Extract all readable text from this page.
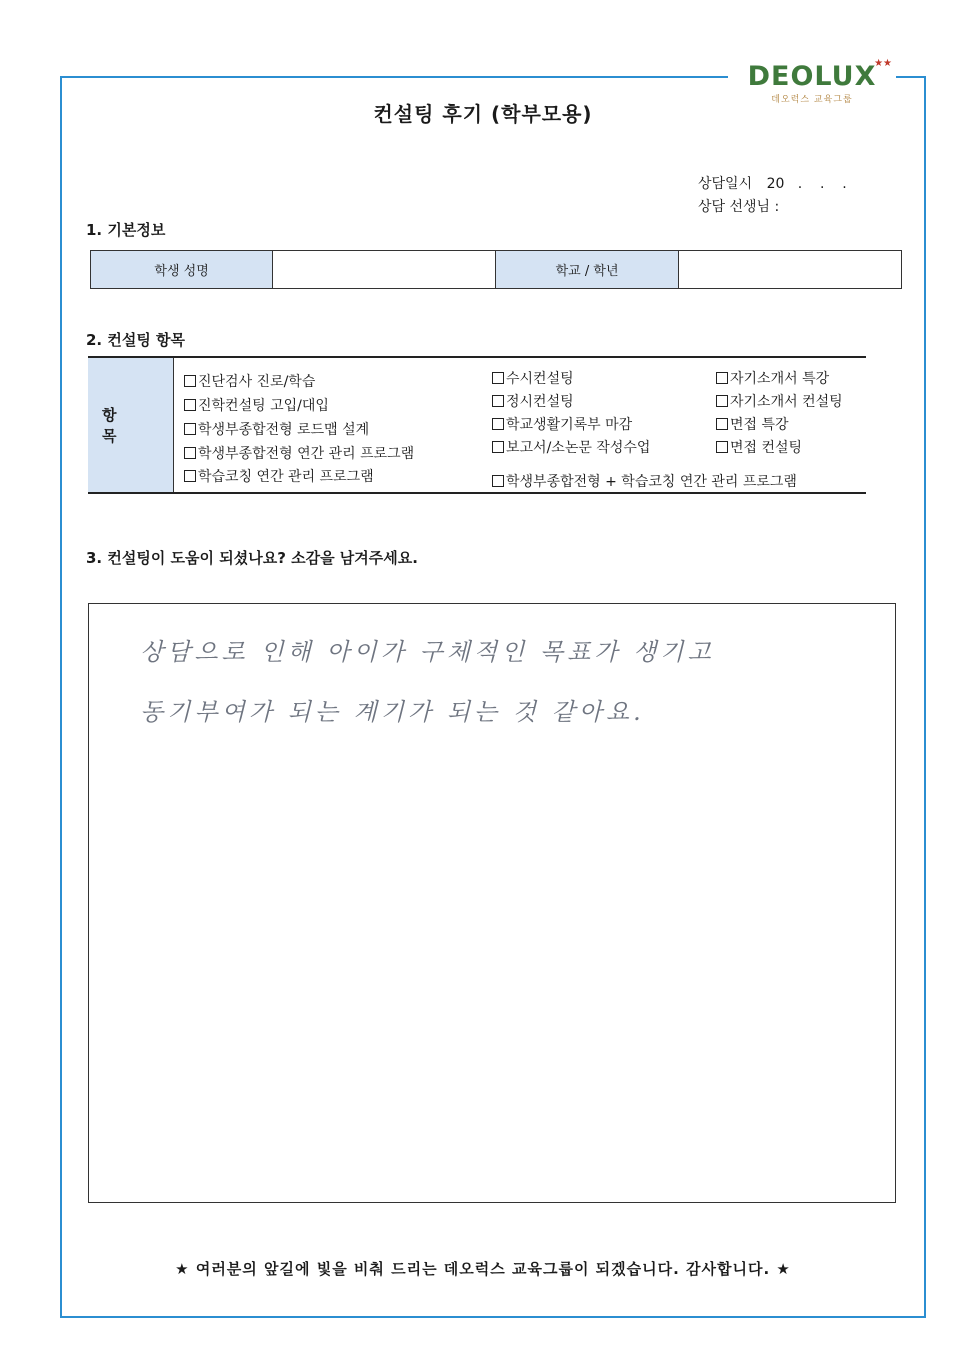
★★
DEOLUX
데오럭스 교육그룹
컨설팅 후기 (학부모용)
상담일시 20   .    .    .
상담 선생님 :
1. 기본정보
학생 성명		학교 / 학년	
2. 컨설팅 항목
항 목
진단검사 진로/학습
진학컨설팅 고입/대입
학생부종합전형 로드맵 설계
학생부종합전형 연간 관리 프로그램
학습코칭 연간 관리 프로그램
수시컨설팅
정시컨설팅
학교생활기록부 마감
보고서/소논문 작성수업
자기소개서 특강
자기소개서 컨설팅
면접 특강
면접 컨설팅
학생부종합전형 + 학습코칭 연간 관리 프로그램
3. 컨설팅이 도움이 되셨나요? 소감을 남겨주세요.
상담으로 인해 아이가 구체적인 목표가 생기고
동기부여가 되는 계기가 되는 것 같아요.
★ 여러분의 앞길에 빛을 비춰 드리는 데오럭스 교육그룹이 되겠습니다. 감사합니다. ★
